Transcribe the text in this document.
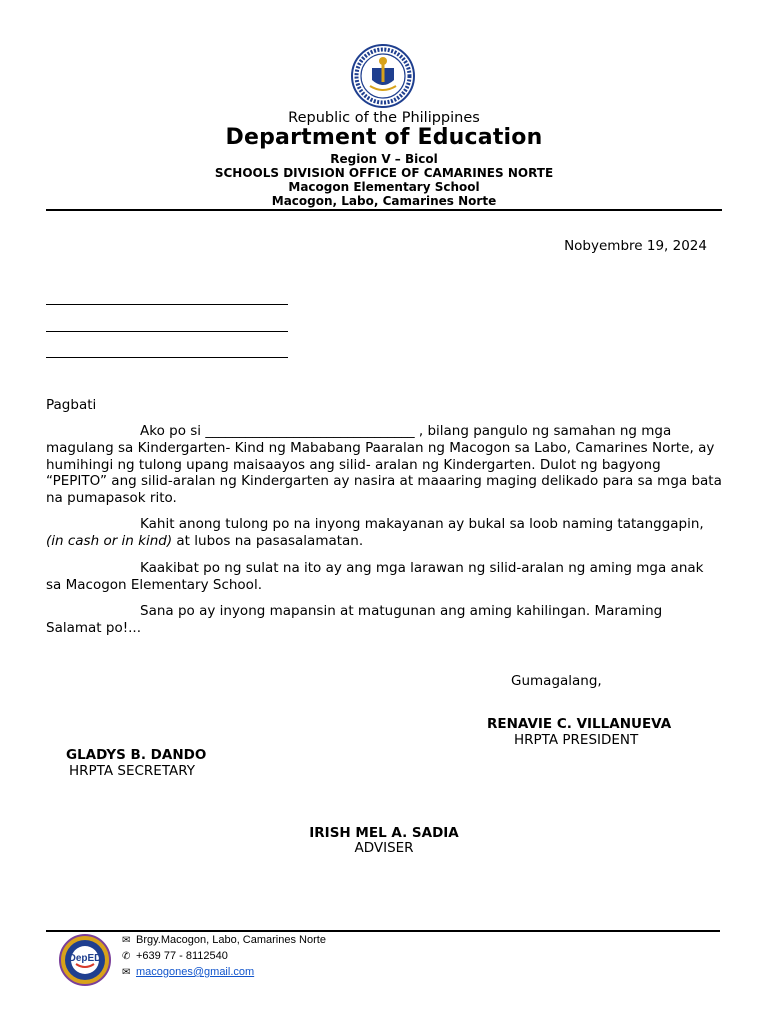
Republic of the Philippines
Department of Education
Region V – Bicol
SCHOOLS DIVISION OFFICE OF CAMARINES NORTE
Macogon Elementary School
Macogon, Labo, Camarines Norte
Nobyembre 19, 2024
Pagbati
Ako po si _______________________________ , bilang pangulo ng samahan ng mga magulang sa Kindergarten- Kind ng Mababang Paaralan ng Macogon sa Labo, Camarines Norte, ay humihingi ng tulong upang maisaayos ang silid- aralan ng Kindergarten. Dulot ng bagyong “PEPITO” ang silid-aralan ng Kindergarten ay nasira at maaaring maging delikado para sa mga bata na pumapasok rito.
Kahit anong tulong po na inyong makayanan ay bukal sa loob naming tatanggapin, (in cash or in kind) at lubos na pasasalamatan.
Kaakibat po ng sulat na ito ay ang mga larawan ng silid-aralan ng aming mga anak sa Macogon Elementary School.
Sana po ay inyong mapansin at matugunan ang aming kahilingan. Maraming Salamat po!...
Gumagalang,
RENAVIE C. VILLANUEVA
HRPTA PRESIDENT
GLADYS B. DANDO
HRPTA SECRETARY
IRISH MEL A. SADIA
ADVISER
DepED
✉ Brgy.Macogon, Labo, Camarines Norte
✆ +639 77 - 8112540
✉ macogones@gmail.com
